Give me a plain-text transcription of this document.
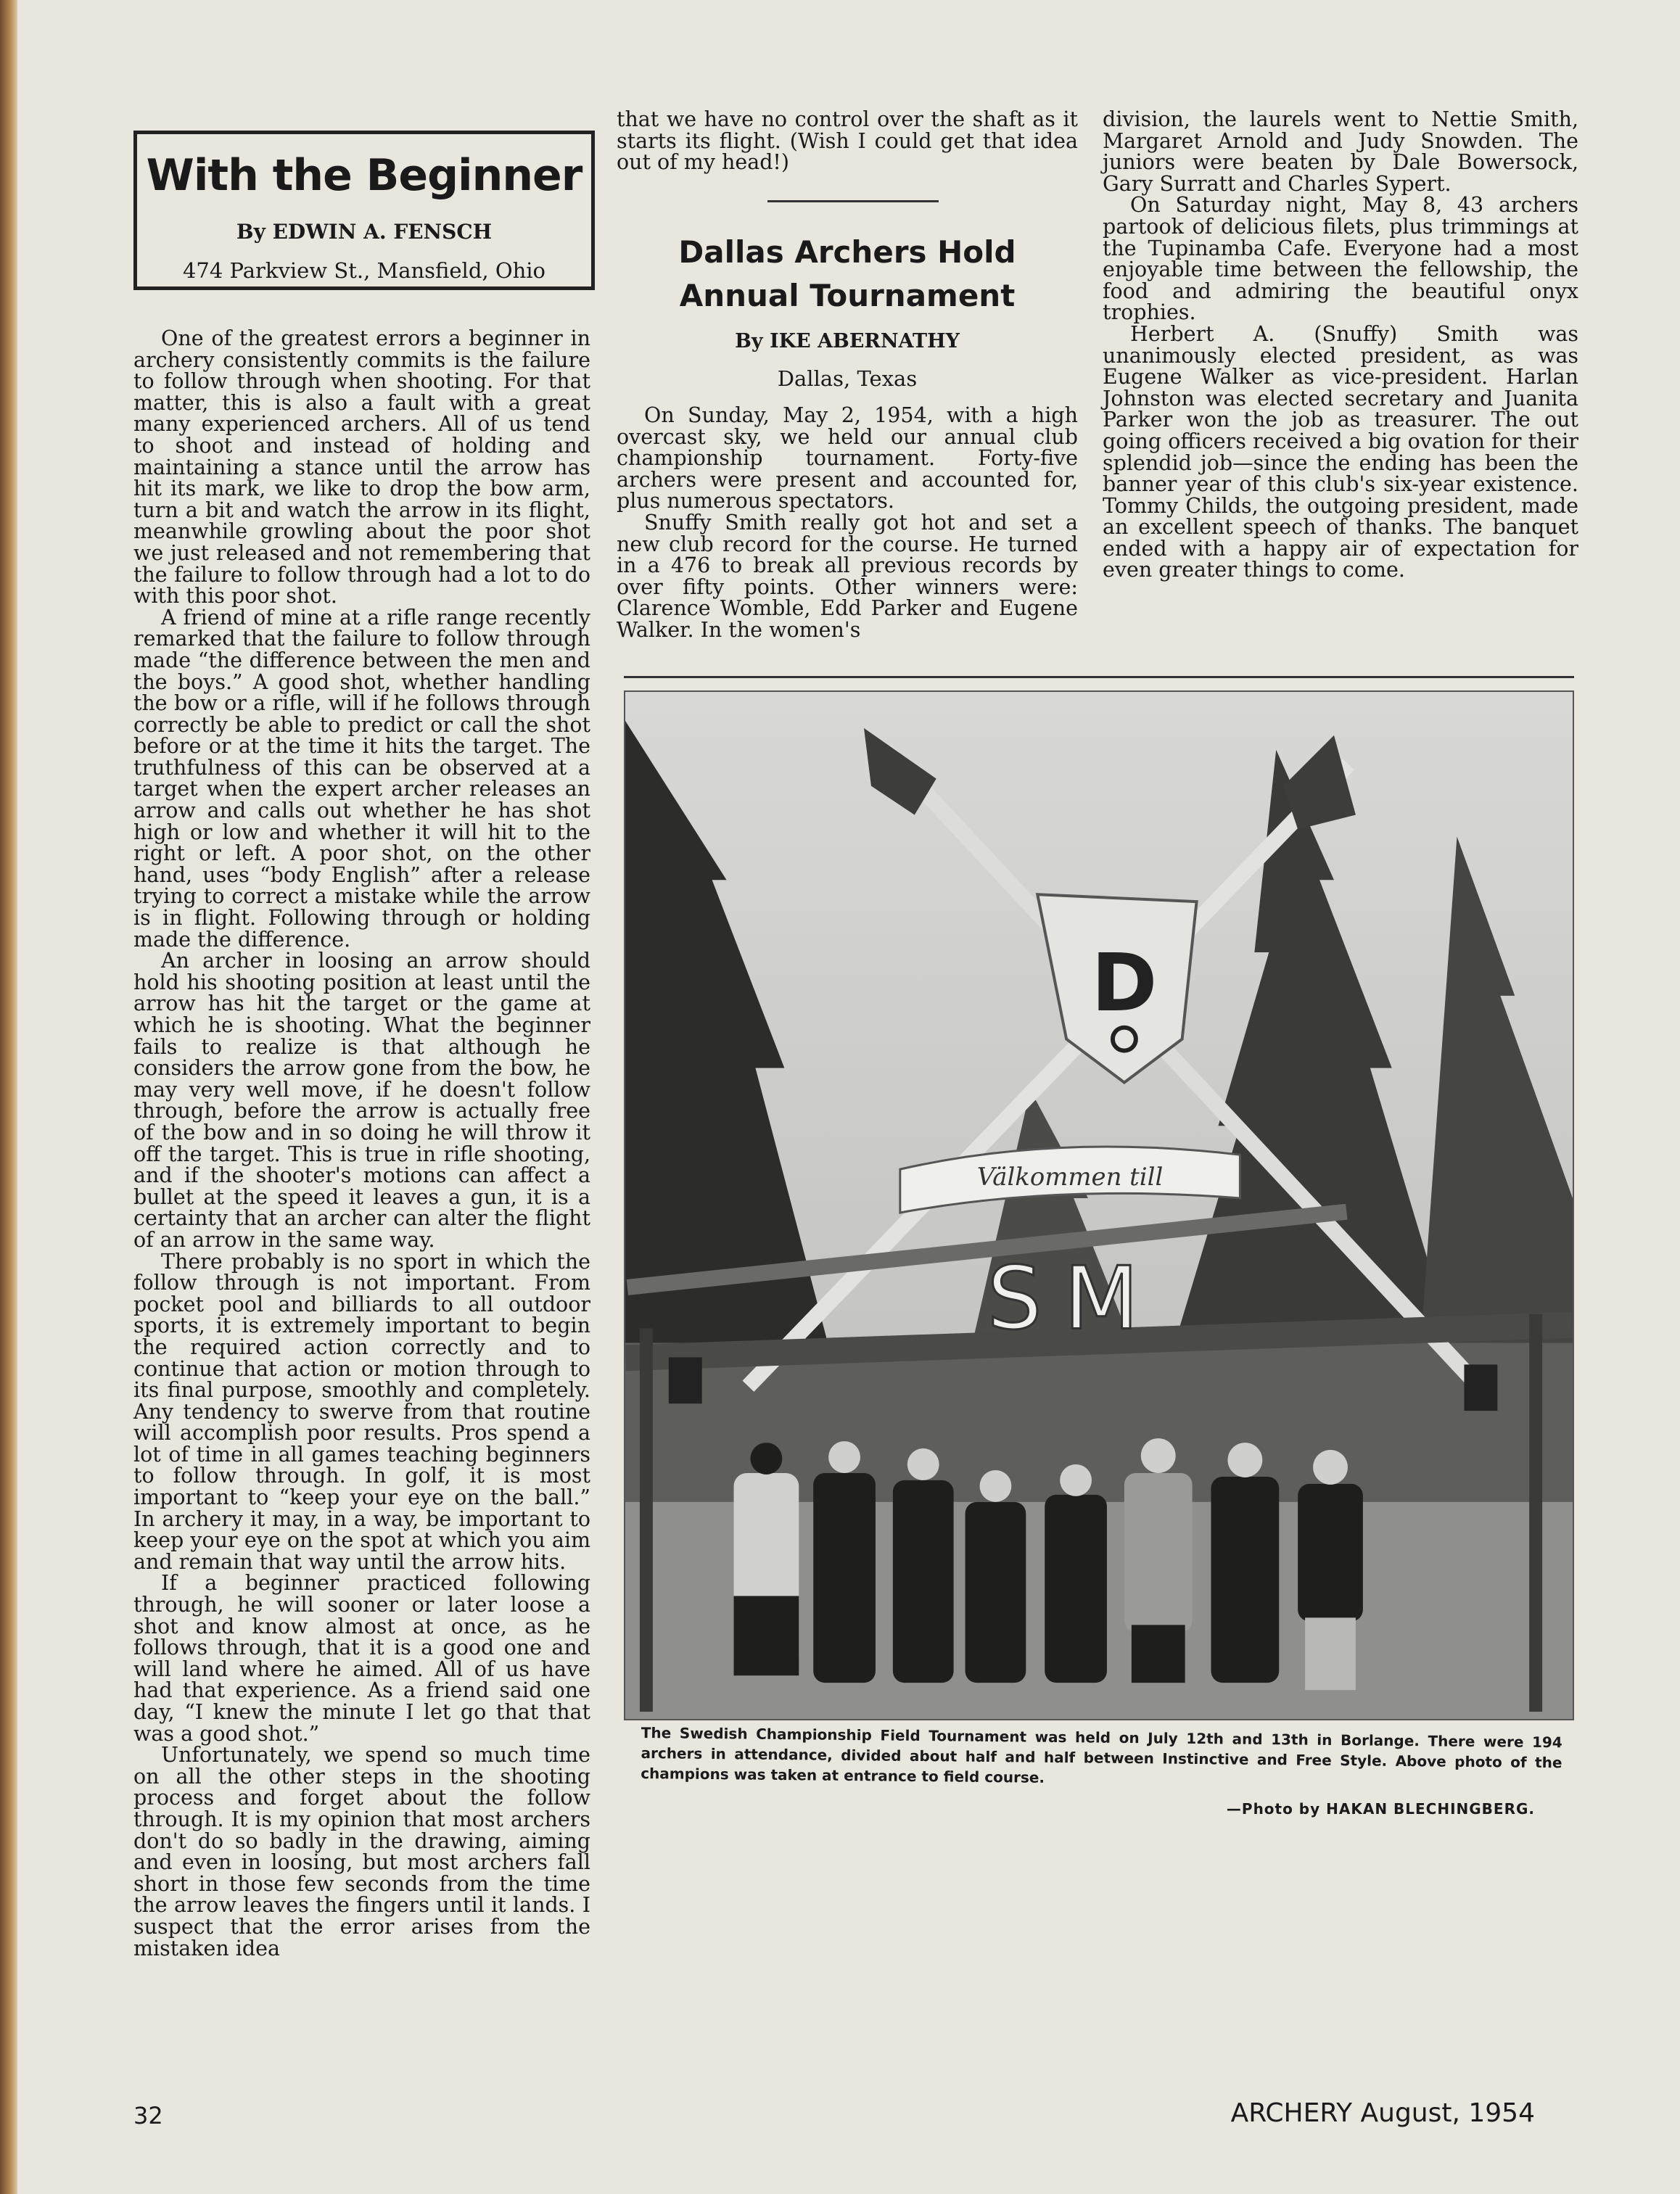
With the Beginner
By EDWIN A. FENSCH
474 Parkview St., Mansfield, Ohio

One of the greatest errors a beginner in archery consistently commits is the failure to follow through when shooting. For that matter, this is also a fault with a great many experienced archers. All of us tend to shoot and instead of holding and maintaining a stance until the arrow has hit its mark, we like to drop the bow arm, turn a bit and watch the arrow in its flight, meanwhile growling about the poor shot we just released and not remembering that the failure to follow through had a lot to do with this poor shot.

A friend of mine at a rifle range recently remarked that the failure to follow through made “the difference between the men and the boys.” A good shot, whether handling the bow or a rifle, will if he follows through correctly be able to predict or call the shot before or at the time it hits the target. The truthfulness of this can be observed at a target when the expert archer releases an arrow and calls out whether he has shot high or low and whether it will hit to the right or left. A poor shot, on the other hand, uses “body English” after a release trying to correct a mistake while the arrow is in flight. Following through or holding made the difference.

An archer in loosing an arrow should hold his shooting position at least until the arrow has hit the target or the game at which he is shooting. What the beginner fails to realize is that although he considers the arrow gone from the bow, he may very well move, if he doesn't follow through, before the arrow is actually free of the bow and in so doing he will throw it off the target. This is true in rifle shooting, and if the shooter's motions can affect a bullet at the speed it leaves a gun, it is a certainty that an archer can alter the flight of an arrow in the same way.

There probably is no sport in which the follow through is not important. From pocket pool and billiards to all outdoor sports, it is extremely important to begin the required action correctly and to continue that action or motion through to its final purpose, smoothly and completely. Any tendency to swerve from that routine will accomplish poor results. Pros spend a lot of time in all games teaching beginners to follow through. In golf, it is most important to “keep your eye on the ball.” In archery it may, in a way, be important to keep your eye on the spot at which you aim and remain that way until the arrow hits.

If a beginner practiced following through, he will sooner or later loose a shot and know almost at once, as he follows through, that it is a good one and will land where he aimed. All of us have had that experience. As a friend said one day, “I knew the minute I let go that that was a good shot.”

Unfortunately, we spend so much time on all the other steps in the shooting process and forget about the follow through. It is my opinion that most archers don't do so badly in the drawing, aiming and even in loosing, but most archers fall short in those few seconds from the time the arrow leaves the fingers until it lands. I suspect that the error arises from the mistaken idea

that we have no control over the shaft as it starts its flight. (Wish I could get that idea out of my head!)

Dallas Archers Hold
Annual Tournament
By IKE ABERNATHY
Dallas, Texas

On Sunday, May 2, 1954, with a high overcast sky, we held our annual club championship tournament. Forty-five archers were present and accounted for, plus numerous spectators.

Snuffy Smith really got hot and set a new club record for the course. He turned in a 476 to break all previous records by over fifty points. Other winners were: Clarence Womble, Edd Parker and Eugene Walker. In the women's

division, the laurels went to Nettie Smith, Margaret Arnold and Judy Snowden. The juniors were beaten by Dale Bowersock, Gary Surratt and Charles Sypert.

On Saturday night, May 8, 43 archers partook of delicious filets, plus trimmings at the Tupinamba Cafe. Everyone had a most enjoyable time between the fellowship, the food and admiring the beautiful onyx trophies.

Herbert A. (Snuffy) Smith was unanimously elected president, as was Eugene Walker as vice-president. Harlan Johnston was elected secretary and Juanita Parker won the job as treasurer. The out going officers received a big ovation for their splendid job—since the ending has been the banner year of this club's six-year existence. Tommy Childs, the outgoing president, made an excellent speech of thanks. The banquet ended with a happy air of expectation for even greater things to come.

D
Välkommen till
SM
The Swedish Championship Field Tournament was held on July 12th and 13th in Borlange. There were 194 archers in attendance, divided about half and half between Instinctive and Free Style. Above photo of the champions was taken at entrance to field course.
—Photo by HAKAN BLECHINGBERG.
32	ARCHERY August, 1954
